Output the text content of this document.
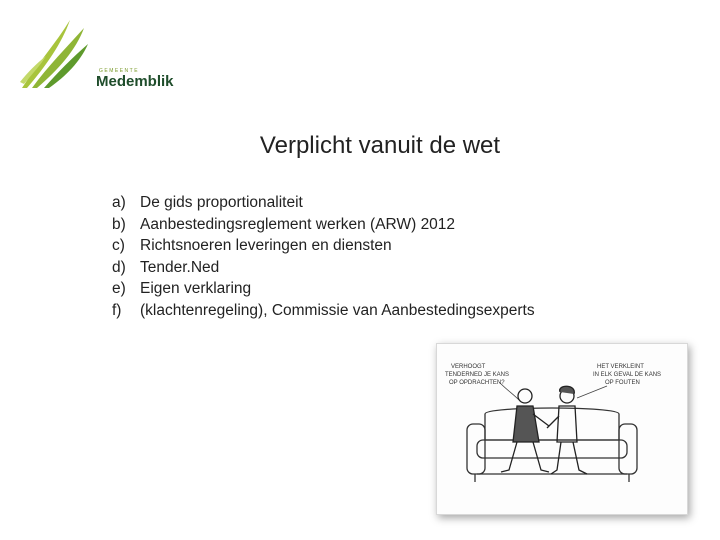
GEMEENTE
Medemblik
Verplicht vanuit de wet
a) De gids proportionaliteit
b) Aanbestedingsreglement werken (ARW) 2012
c) Richtsnoeren leveringen en diensten
d) Tender.Ned
e) Eigen verklaring
f) (klachtenregeling), Commissie van Aanbestedingsexperts
VERHOOGT
TENDERNED JE KANS
OP OPDRACHTEN?
HET VERKLEINT
IN ELK GEVAL DE KANS
OP FOUTEN
